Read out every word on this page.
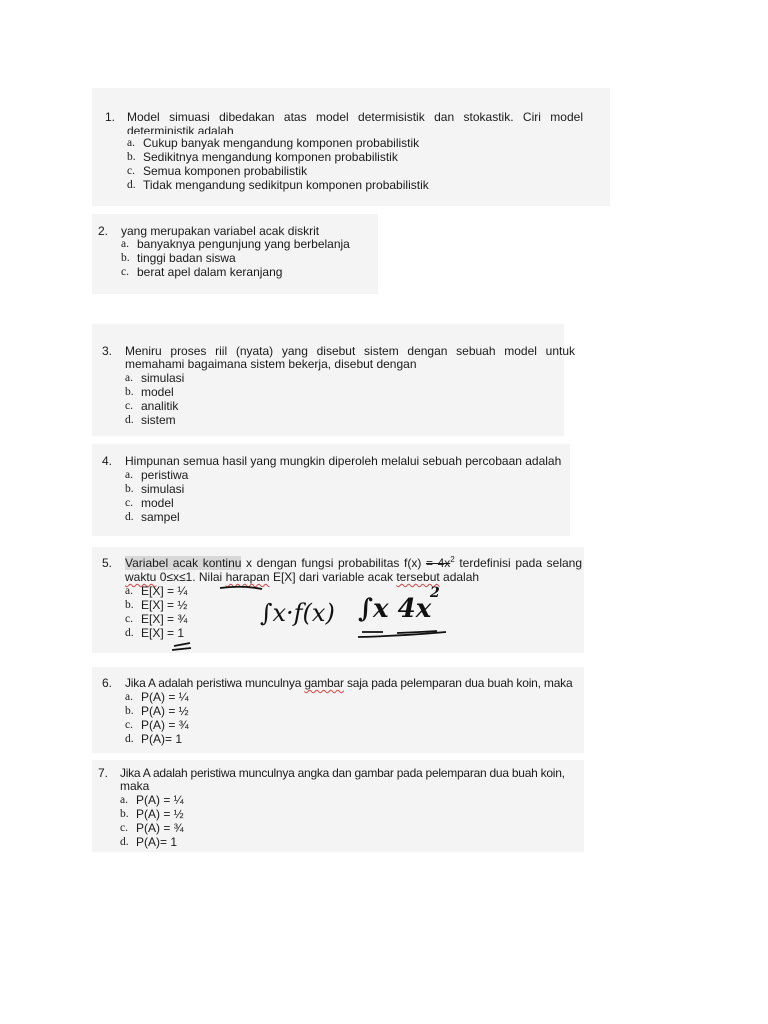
1. Model simuasi dibedakan atas model determisistik dan stokastik. Ciri model
deterministik adalah
a. Cukup banyak mengandung komponen probabilistik
b. Sedikitnya mengandung komponen probabilistik
c. Semua komponen probabilistik
d. Tidak mengandung sedikitpun komponen probabilistik
2. yang merupakan variabel acak diskrit
a. banyaknya pengunjung yang berbelanja
b. tinggi badan siswa
c. berat apel dalam keranjang
3. Meniru proses riil (nyata) yang disebut sistem dengan sebuah model untuk
memahami bagaimana sistem bekerja, disebut dengan
a. simulasi
b. model
c. analitik
d. sistem
4. Himpunan semua hasil yang mungkin diperoleh melalui sebuah percobaan adalah
a. peristiwa
b. simulasi
c. model
d. sampel
5. Variabel acak kontinu x dengan fungsi probabilitas $f(x) = 4x^2$ terdefinisi pada selang
waktu 0≤x≤1. Nilai harapan E[X] dari variable acak tersebut adalah
a. E[X] = ¼
b. E[X] = ½
c. E[X] = ¾
d. E[X] = 1
∫x·f(x) ∫x 4x
2
6. Jika A adalah peristiwa munculnya gambar saja pada pelemparan dua buah koin, maka
a. P(A) = ¼
b. P(A) = ½
c. P(A) = ¾
d. P(A)= 1
7. Jika A adalah peristiwa munculnya angka dan gambar pada pelemparan dua buah koin,
maka
a. P(A) = ¼
b. P(A) = ½
c. P(A) = ¾
d. P(A)= 1
